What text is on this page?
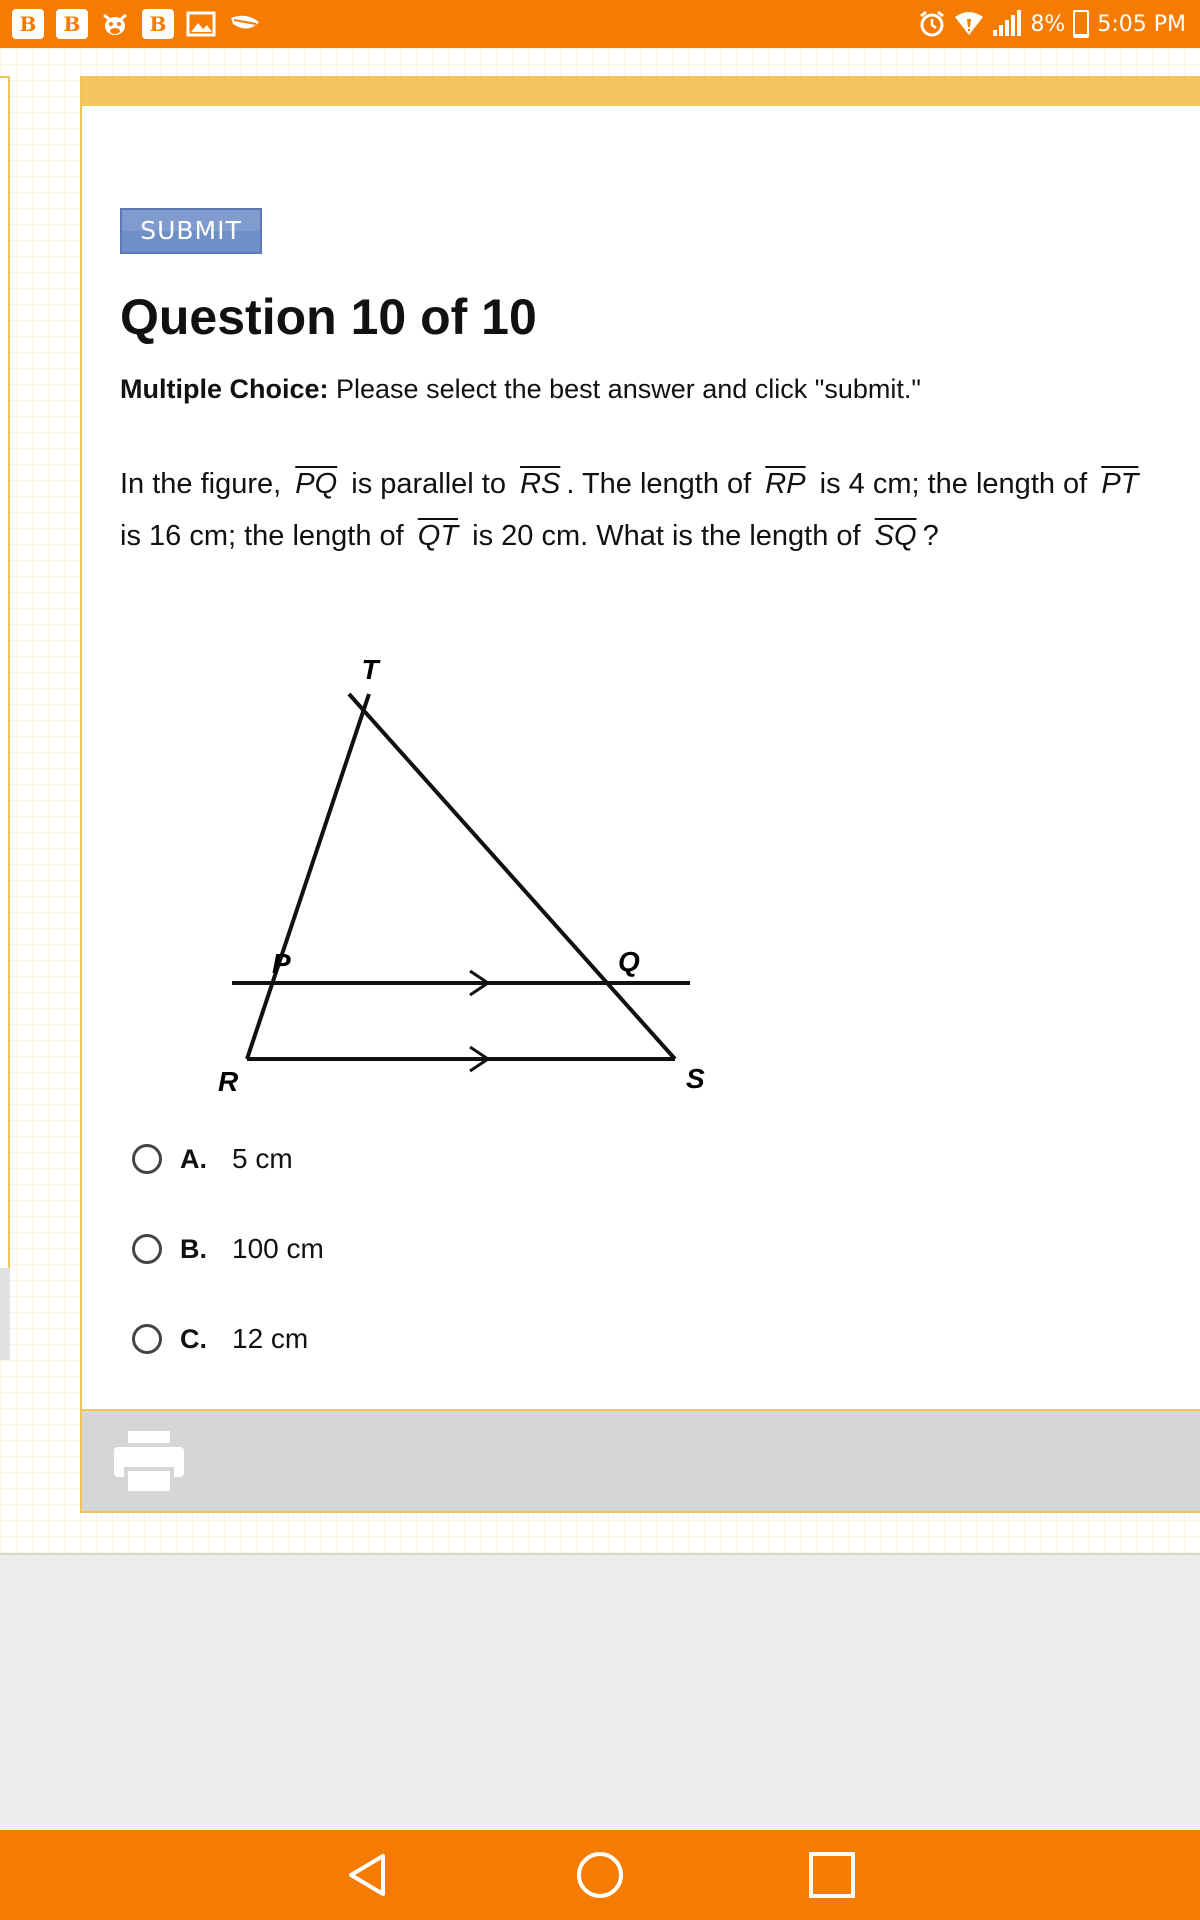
B	B	B	8% 5:05 PM
SUBMIT
Question 10 of 10
Multiple Choice: Please select the best answer and click "submit."
In the figure, $\overline{PQ}$ is parallel to $\overline{RS}$ . The length of $\overline{RP}$ is 4 cm; the length of $\overline{PT}$ is 16 cm; the length of $\overline{QT}$ is 20 cm. What is the length of $\overline{SQ}$ ?
T
P	Q
R	S
A. 5 cm
B. 100 cm
C. 12 cm
